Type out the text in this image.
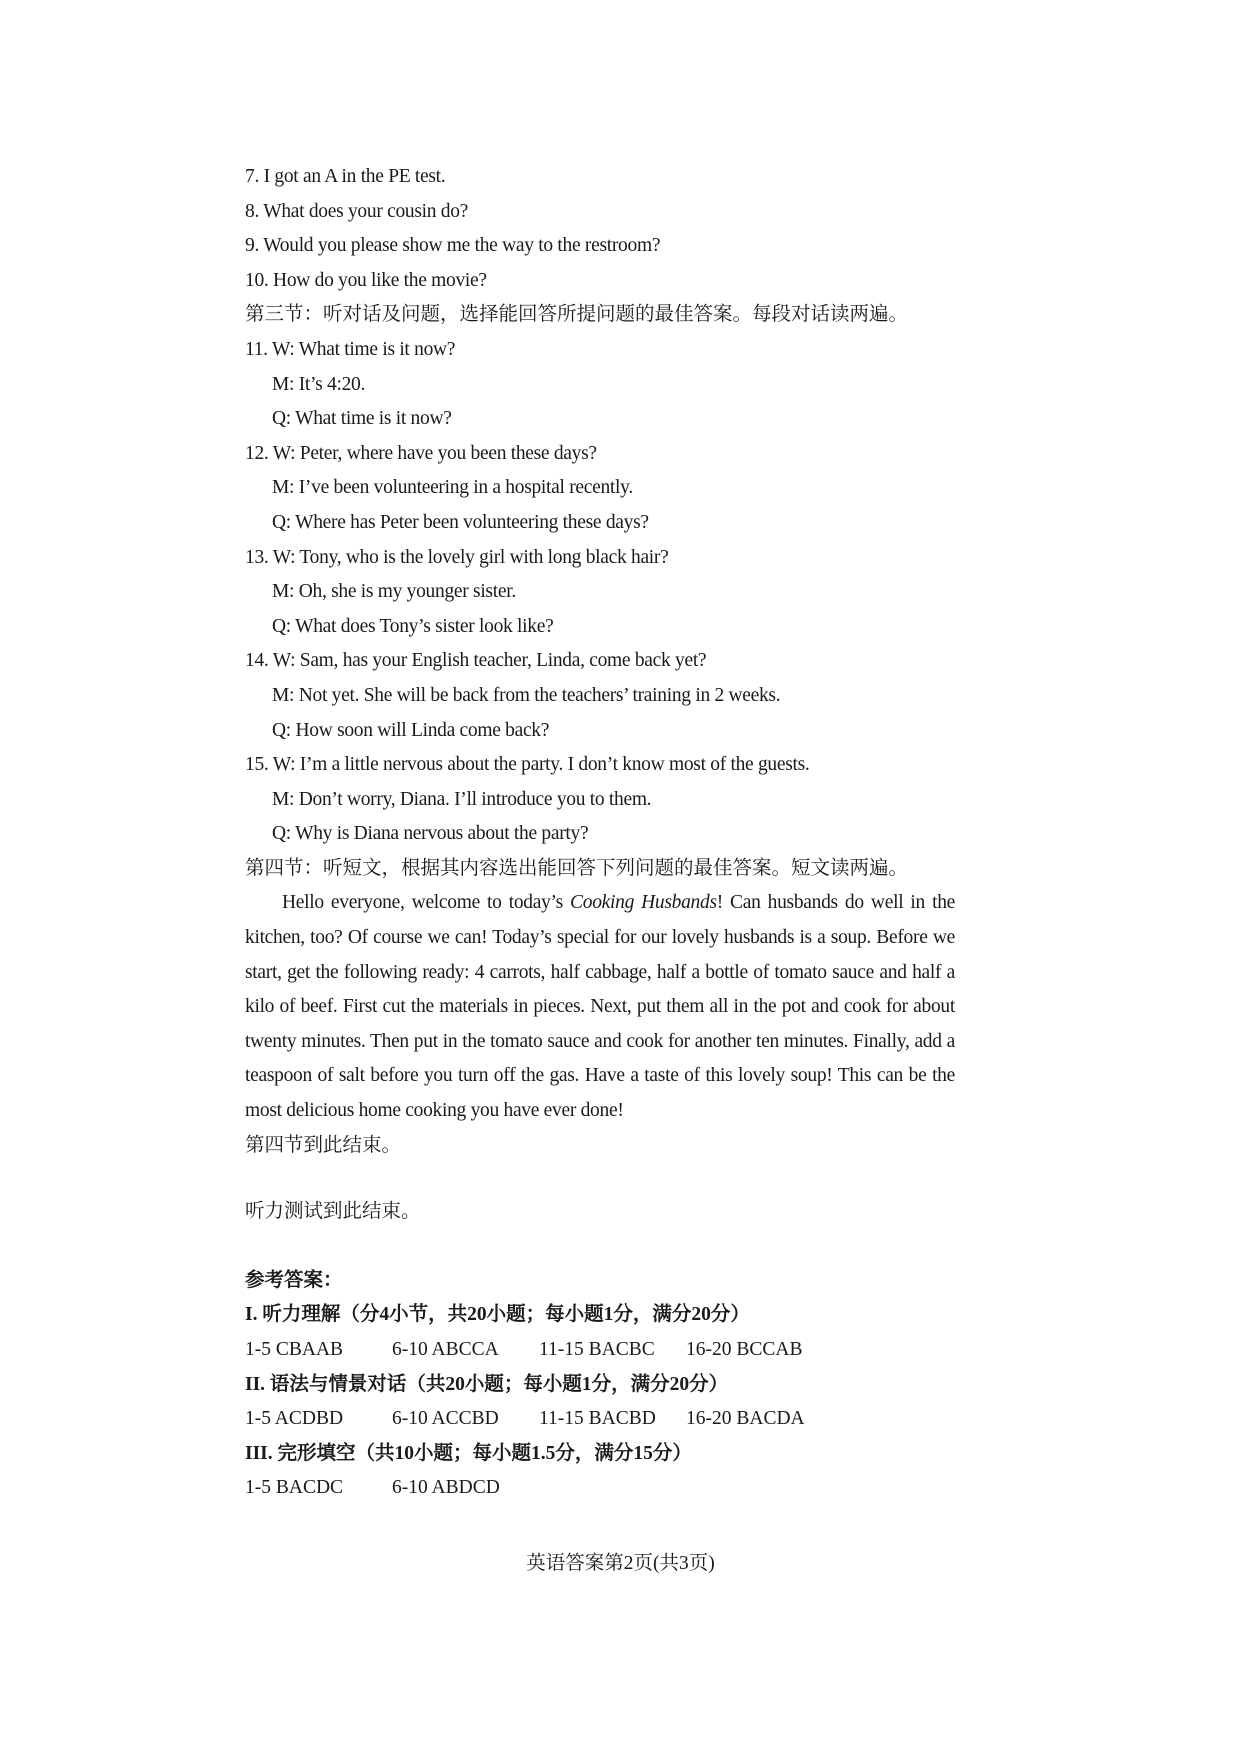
7. I got an A in the PE test.
8. What does your cousin do?
9. Would you please show me the way to the restroom?
10. How do you like the movie?
第三节：听对话及问题，选择能回答所提问题的最佳答案。每段对话读两遍。
11. W: What time is it now?
M: It’s 4:20.
Q: What time is it now?
12. W: Peter, where have you been these days?
M: I’ve been volunteering in a hospital recently.
Q: Where has Peter been volunteering these days?
13. W: Tony, who is the lovely girl with long black hair?
M: Oh, she is my younger sister.
Q: What does Tony’s sister look like?
14. W: Sam, has your English teacher, Linda, come back yet?
M: Not yet. She will be back from the teachers’ training in 2 weeks.
Q: How soon will Linda come back?
15. W: I’m a little nervous about the party. I don’t know most of the guests.
M: Don’t worry, Diana. I’ll introduce you to them.
Q: Why is Diana nervous about the party?
第四节：听短文，根据其内容选出能回答下列问题的最佳答案。短文读两遍。
Hello everyone, welcome to today’s Cooking Husbands! Can husbands do well in the kitchen, too? Of course we can! Today’s special for our lovely husbands is a soup. Before we start, get the following ready: 4 carrots, half cabbage, half a bottle of tomato sauce and half a kilo of beef. First cut the materials in pieces. Next, put them all in the pot and cook for about twenty minutes. Then put in the tomato sauce and cook for another ten minutes. Finally, add a teaspoon of salt before you turn off the gas. Have a taste of this lovely soup! This can be the most delicious home cooking you have ever done!
第四节到此结束。
听力测试到此结束。
参考答案：
I. 听力理解（分4小节，共20小题；每小题1分，满分20分）
1-5 CBAAB	6-10 ABCCA	11-15 BACBC	16-20 BCCAB
II. 语法与情景对话（共20小题；每小题1分，满分20分）
1-5 ACDBD	6-10 ACCBD	11-15 BACBD	16-20 BACDA
III. 完形填空（共10小题；每小题1.5分，满分15分）
1-5 BACDC	6-10 ABDCD
英语答案第2页(共3页)
